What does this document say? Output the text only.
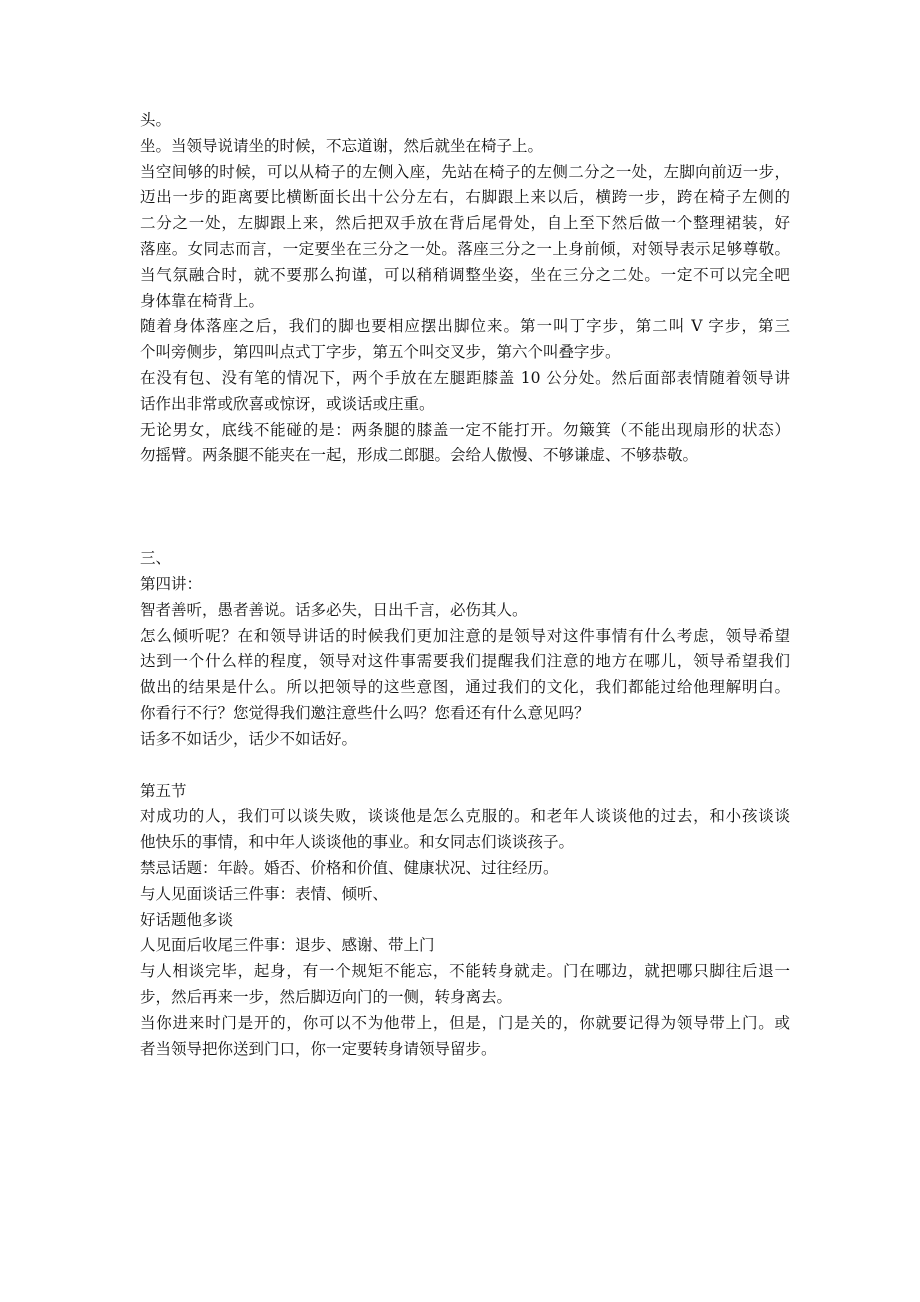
头。
坐。当领导说请坐的时候，不忘道谢，然后就坐在椅子上。
当空间够的时候，可以从椅子的左侧入座，先站在椅子的左侧二分之一处，左脚向前迈一步，
迈出一步的距离要比横断面长出十公分左右，右脚跟上来以后，横跨一步，跨在椅子左侧的
二分之一处，左脚跟上来，然后把双手放在背后尾骨处，自上至下然后做一个整理裙装，好
落座。女同志而言，一定要坐在三分之一处。落座三分之一上身前倾，对领导表示足够尊敬。
当气氛融合时，就不要那么拘谨，可以稍稍调整坐姿，坐在三分之二处。一定不可以完全吧
身体靠在椅背上。
随着身体落座之后，我们的脚也要相应摆出脚位来。第一叫丁字步，第二叫 V 字步，第三
个叫旁侧步，第四叫点式丁字步，第五个叫交叉步，第六个叫叠字步。
在没有包、没有笔的情况下，两个手放在左腿距膝盖 10 公分处。然后面部表情随着领导讲
话作出非常或欣喜或惊讶，或谈话或庄重。
无论男女，底线不能碰的是：两条腿的膝盖一定不能打开。勿簸箕（不能出现扇形的状态）
勿摇臂。两条腿不能夹在一起，形成二郎腿。会给人傲慢、不够谦虚、不够恭敬。
三、
第四讲：
智者善听，愚者善说。话多必失，日出千言，必伤其人。
怎么倾听呢？在和领导讲话的时候我们更加注意的是领导对这件事情有什么考虑，领导希望
达到一个什么样的程度，领导对这件事需要我们提醒我们注意的地方在哪儿，领导希望我们
做出的结果是什么。所以把领导的这些意图，通过我们的文化，我们都能过给他理解明白。
你看行不行？您觉得我们邀注意些什么吗？您看还有什么意见吗？
话多不如话少，话少不如话好。
第五节
对成功的人，我们可以谈失败，谈谈他是怎么克服的。和老年人谈谈他的过去，和小孩谈谈
他快乐的事情，和中年人谈谈他的事业。和女同志们谈谈孩子。
禁忌话题：年龄。婚否、价格和价值、健康状况、过往经历。
与人见面谈话三件事：表情、倾听、
好话题他多谈
人见面后收尾三件事：退步、感谢、带上门
与人相谈完毕，起身，有一个规矩不能忘，不能转身就走。门在哪边，就把哪只脚往后退一
步，然后再来一步，然后脚迈向门的一侧，转身离去。
当你进来时门是开的，你可以不为他带上，但是，门是关的，你就要记得为领导带上门。或
者当领导把你送到门口，你一定要转身请领导留步。
